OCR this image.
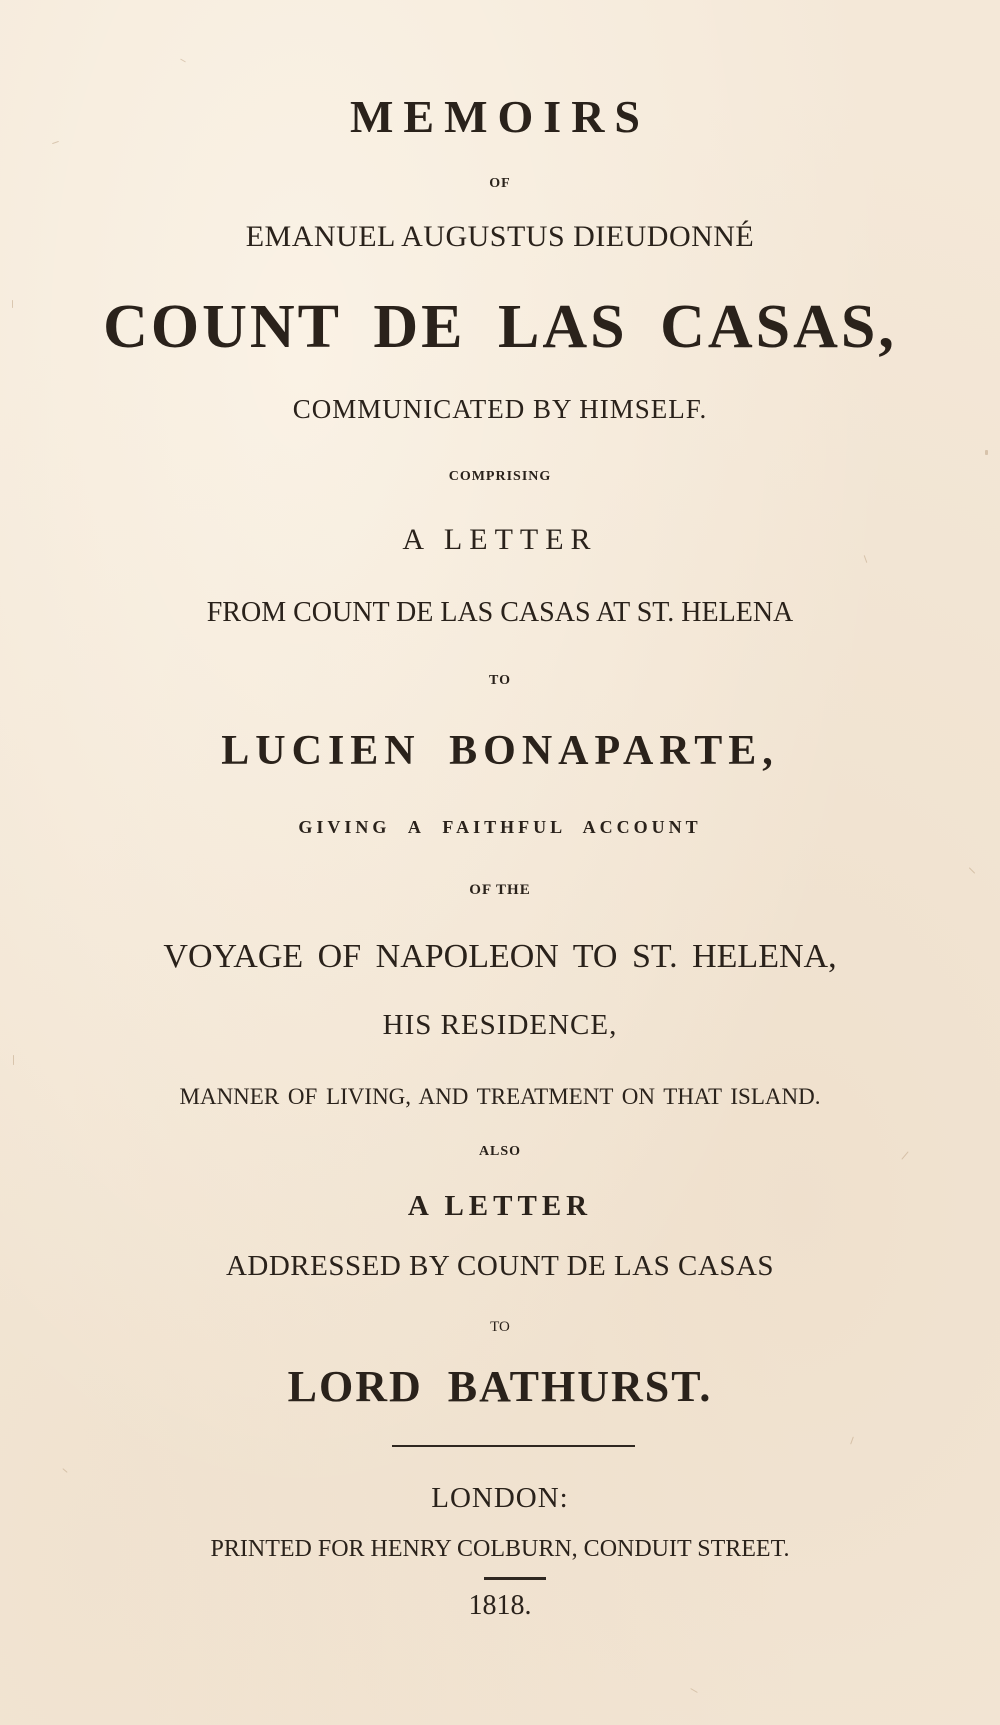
MEMOIRS
OF
EMANUEL AUGUSTUS DIEUDONNÉ
COUNT DE LAS CASAS,
COMMUNICATED BY HIMSELF.
COMPRISING
A LETTER
FROM COUNT DE LAS CASAS AT ST. HELENA
TO
LUCIEN BONAPARTE,
GIVING A FAITHFUL ACCOUNT
OF THE
VOYAGE OF NAPOLEON TO ST. HELENA,
HIS RESIDENCE,
MANNER OF LIVING, AND TREATMENT ON THAT ISLAND.
ALSO
A LETTER
ADDRESSED BY COUNT DE LAS CASAS
TO
LORD BATHURST.
LONDON:
PRINTED FOR HENRY COLBURN, CONDUIT STREET.
1818.
